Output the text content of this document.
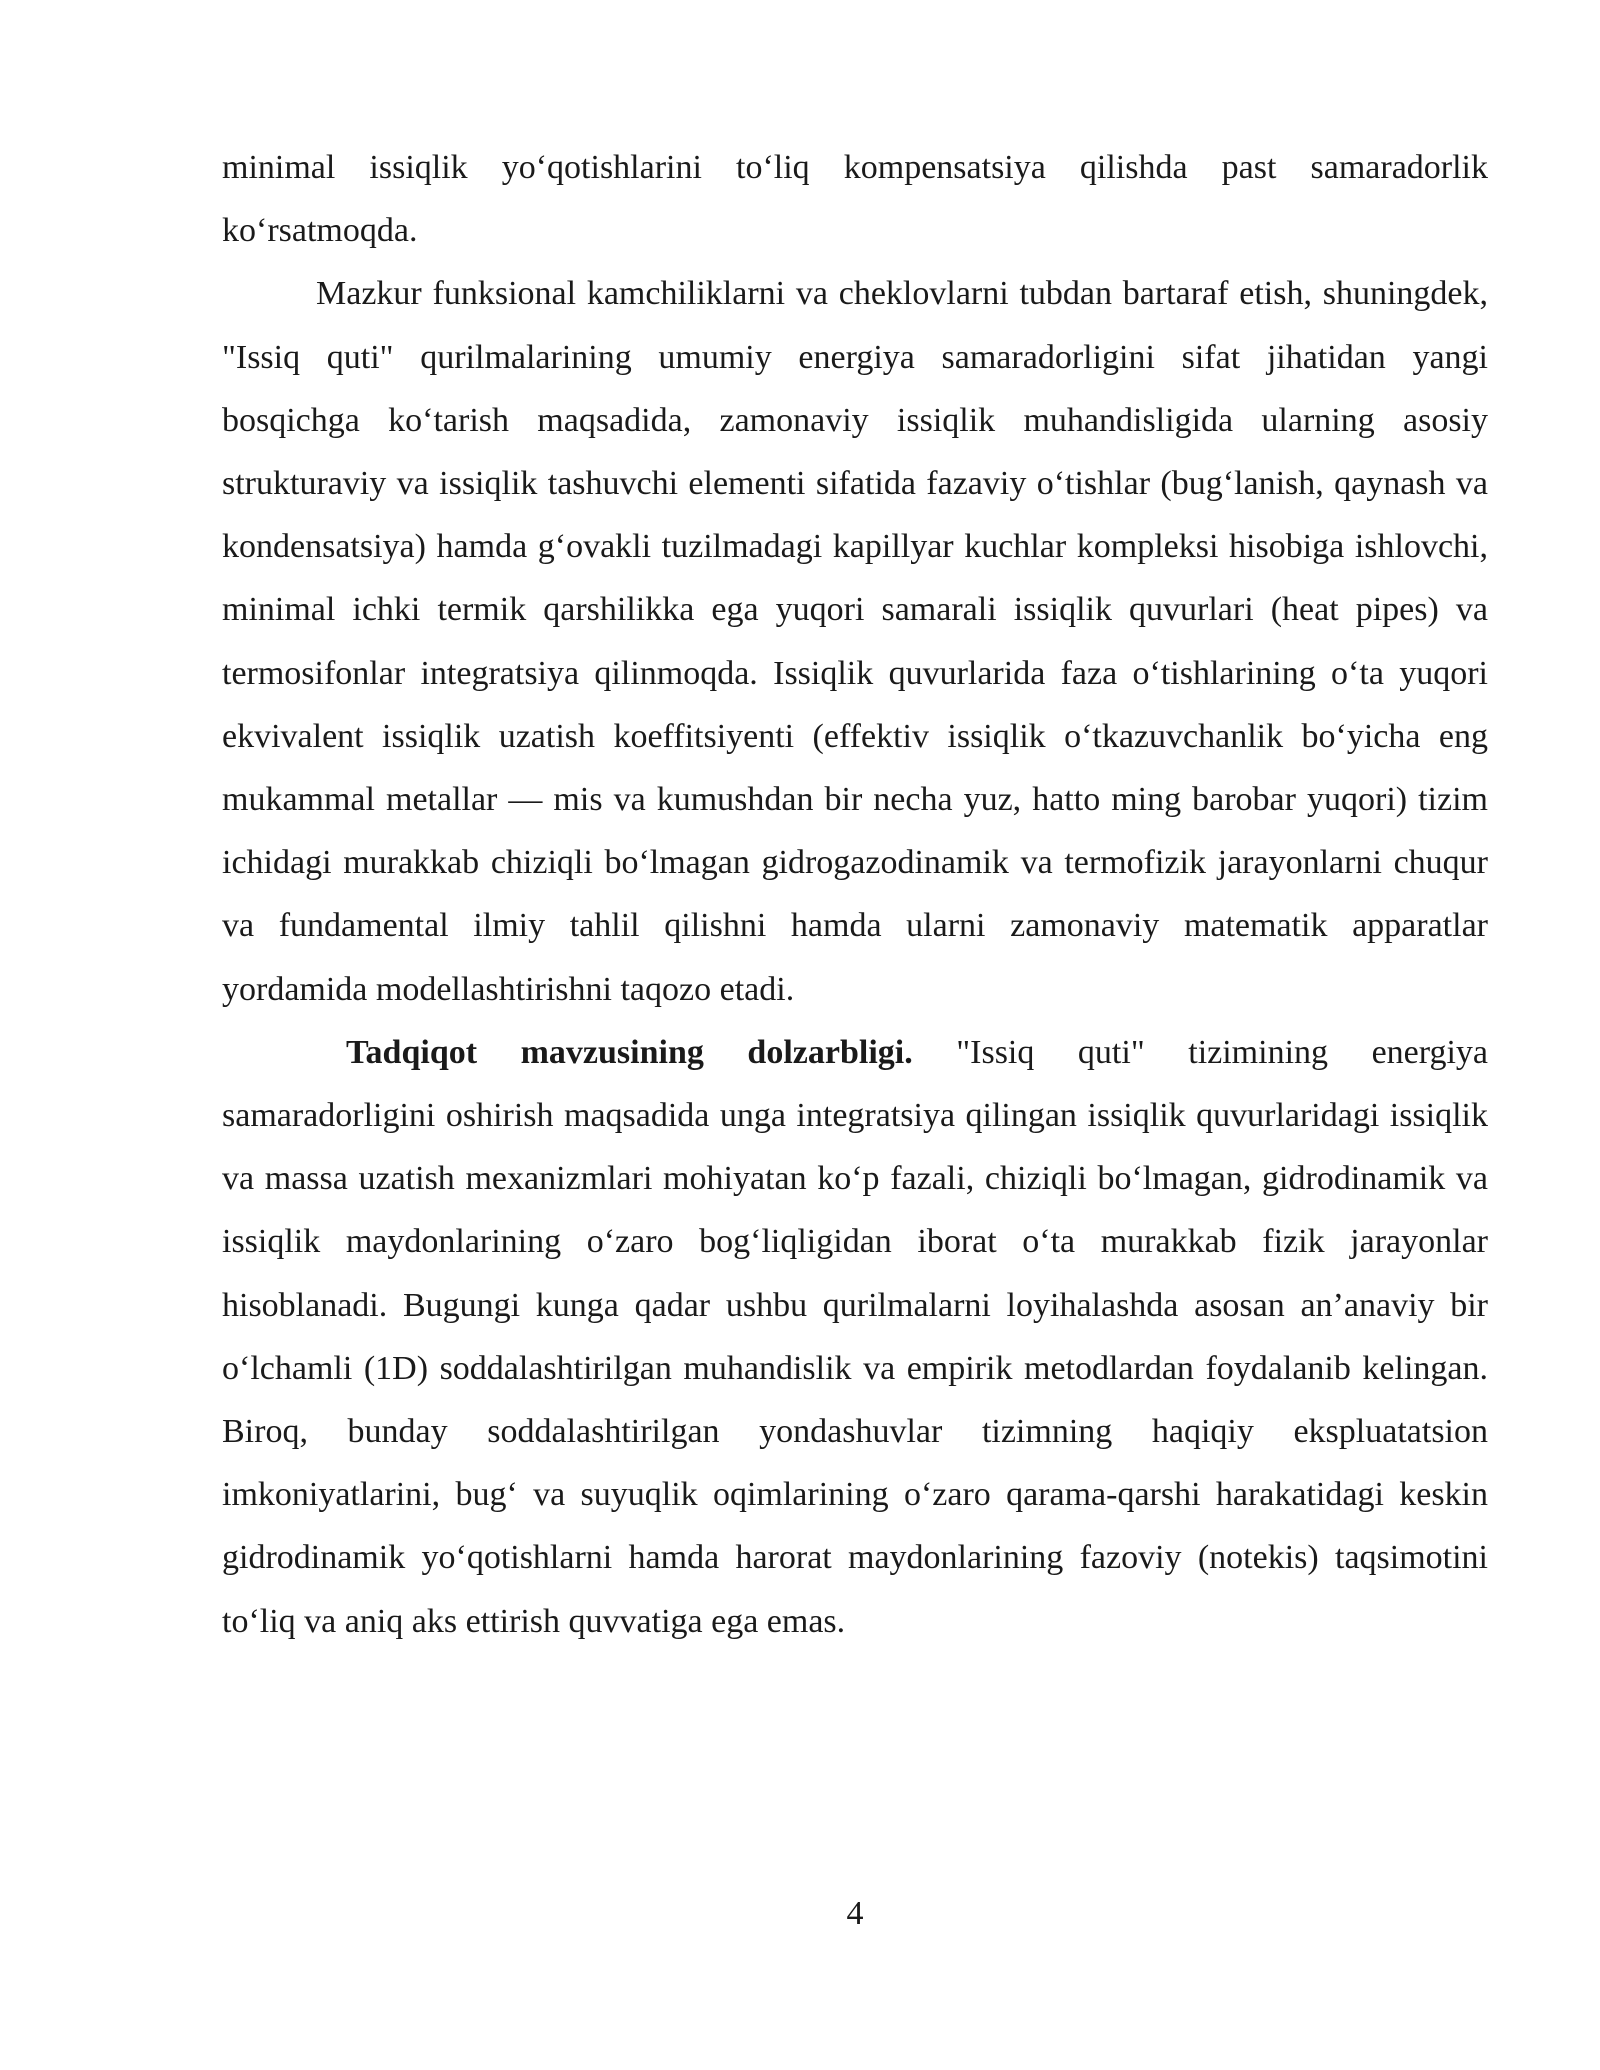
minimal issiqlik yo‘qotishlarini to‘liq kompensatsiya qilishda past samaradorlik ko‘rsatmoqda.

Mazkur funksional kamchiliklarni va cheklovlarni tubdan bartaraf etish, shuningdek, "Issiq quti" qurilmalarining umumiy energiya samaradorligini sifat jihatidan yangi bosqichga ko‘tarish maqsadida, zamonaviy issiqlik muhandisligida ularning asosiy strukturaviy va issiqlik tashuvchi elementi sifatida fazaviy o‘tishlar (bug‘lanish, qaynash va kondensatsiya) hamda g‘ovakli tuzilmadagi kapillyar kuchlar kompleksi hisobiga ishlovchi, minimal ichki termik qarshilikka ega yuqori samarali issiqlik quvurlari (heat pipes) va termosifonlar integratsiya qilinmoqda. Issiqlik quvurlarida faza o‘tishlarining o‘ta yuqori ekvivalent issiqlik uzatish koeffitsiyenti (effektiv issiqlik o‘tkazuvchanlik bo‘yicha eng mukammal metallar — mis va kumushdan bir necha yuz, hatto ming barobar yuqori) tizim ichidagi murakkab chiziqli bo‘lmagan gidrogazodinamik va termofizik jarayonlarni chuqur va fundamental ilmiy tahlil qilishni hamda ularni zamonaviy matematik apparatlar yordamida modellashtirishni taqozo etadi.

Tadqiqot mavzusining dolzarbligi. "Issiq quti" tizimining energiya samaradorligini oshirish maqsadida unga integratsiya qilingan issiqlik quvurlaridagi issiqlik va massa uzatish mexanizmlari mohiyatan ko‘p fazali, chiziqli bo‘lmagan, gidrodinamik va issiqlik maydonlarining o‘zaro bog‘liqligidan iborat o‘ta murakkab fizik jarayonlar hisoblanadi. Bugungi kunga qadar ushbu qurilmalarni loyihalashda asosan an’anaviy bir o‘lchamli (1D) soddalashtirilgan muhandislik va empirik metodlardan foydalanib kelingan. Biroq, bunday soddalashtirilgan yondashuvlar tizimning haqiqiy ekspluatatsion imkoniyatlarini, bug‘ va suyuqlik oqimlarining o‘zaro qarama-qarshi harakatidagi keskin gidrodinamik yo‘qotishlarni hamda harorat maydonlarining fazoviy (notekis) taqsimotini to‘liq va aniq aks ettirish quvvatiga ega emas.

4
